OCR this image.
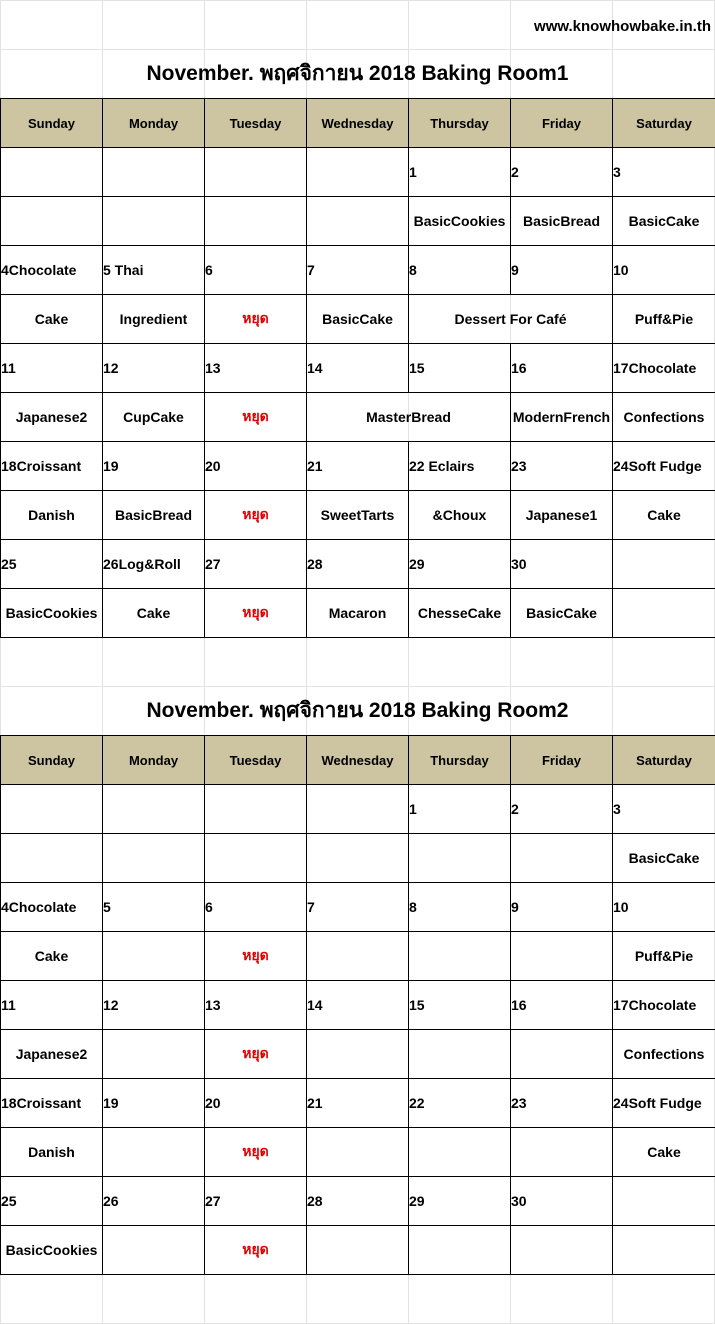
www.knowhowbake.in.th
November. พฤศจิกายน 2018 Baking Room1
Sunday	Monday	Tuesday	Wednesday	Thursday	Friday	Saturday
				1	2	3
				BasicCookies	BasicBread	BasicCake
4Chocolate	5 Thai	6	7	8	9	10
Cake	Ingredient	หยุด	BasicCake	Dessert For Café		Puff&Pie
11	12	13	14	15	16	17Chocolate
Japanese2	CupCake	หยุด	MasterBread		ModernFrench	Confections
18Croissant	19	20	21	22 Eclairs	23	24Soft Fudge
Danish	BasicBread	หยุด	SweetTarts	&Choux	Japanese1	Cake
25	26Log&Roll	27	28	29	30	
BasicCookies	Cake	หยุด	Macaron	ChesseCake	BasicCake	
November. พฤศจิกายน 2018 Baking Room2
Sunday	Monday	Tuesday	Wednesday	Thursday	Friday	Saturday
				1	2	3
						BasicCake
4Chocolate	5	6	7	8	9	10
Cake		หยุด				Puff&Pie
11	12	13	14	15	16	17Chocolate
Japanese2		หยุด				Confections
18Croissant	19	20	21	22	23	24Soft Fudge
Danish		หยุด				Cake
25	26	27	28	29	30	
BasicCookies		หยุด				
